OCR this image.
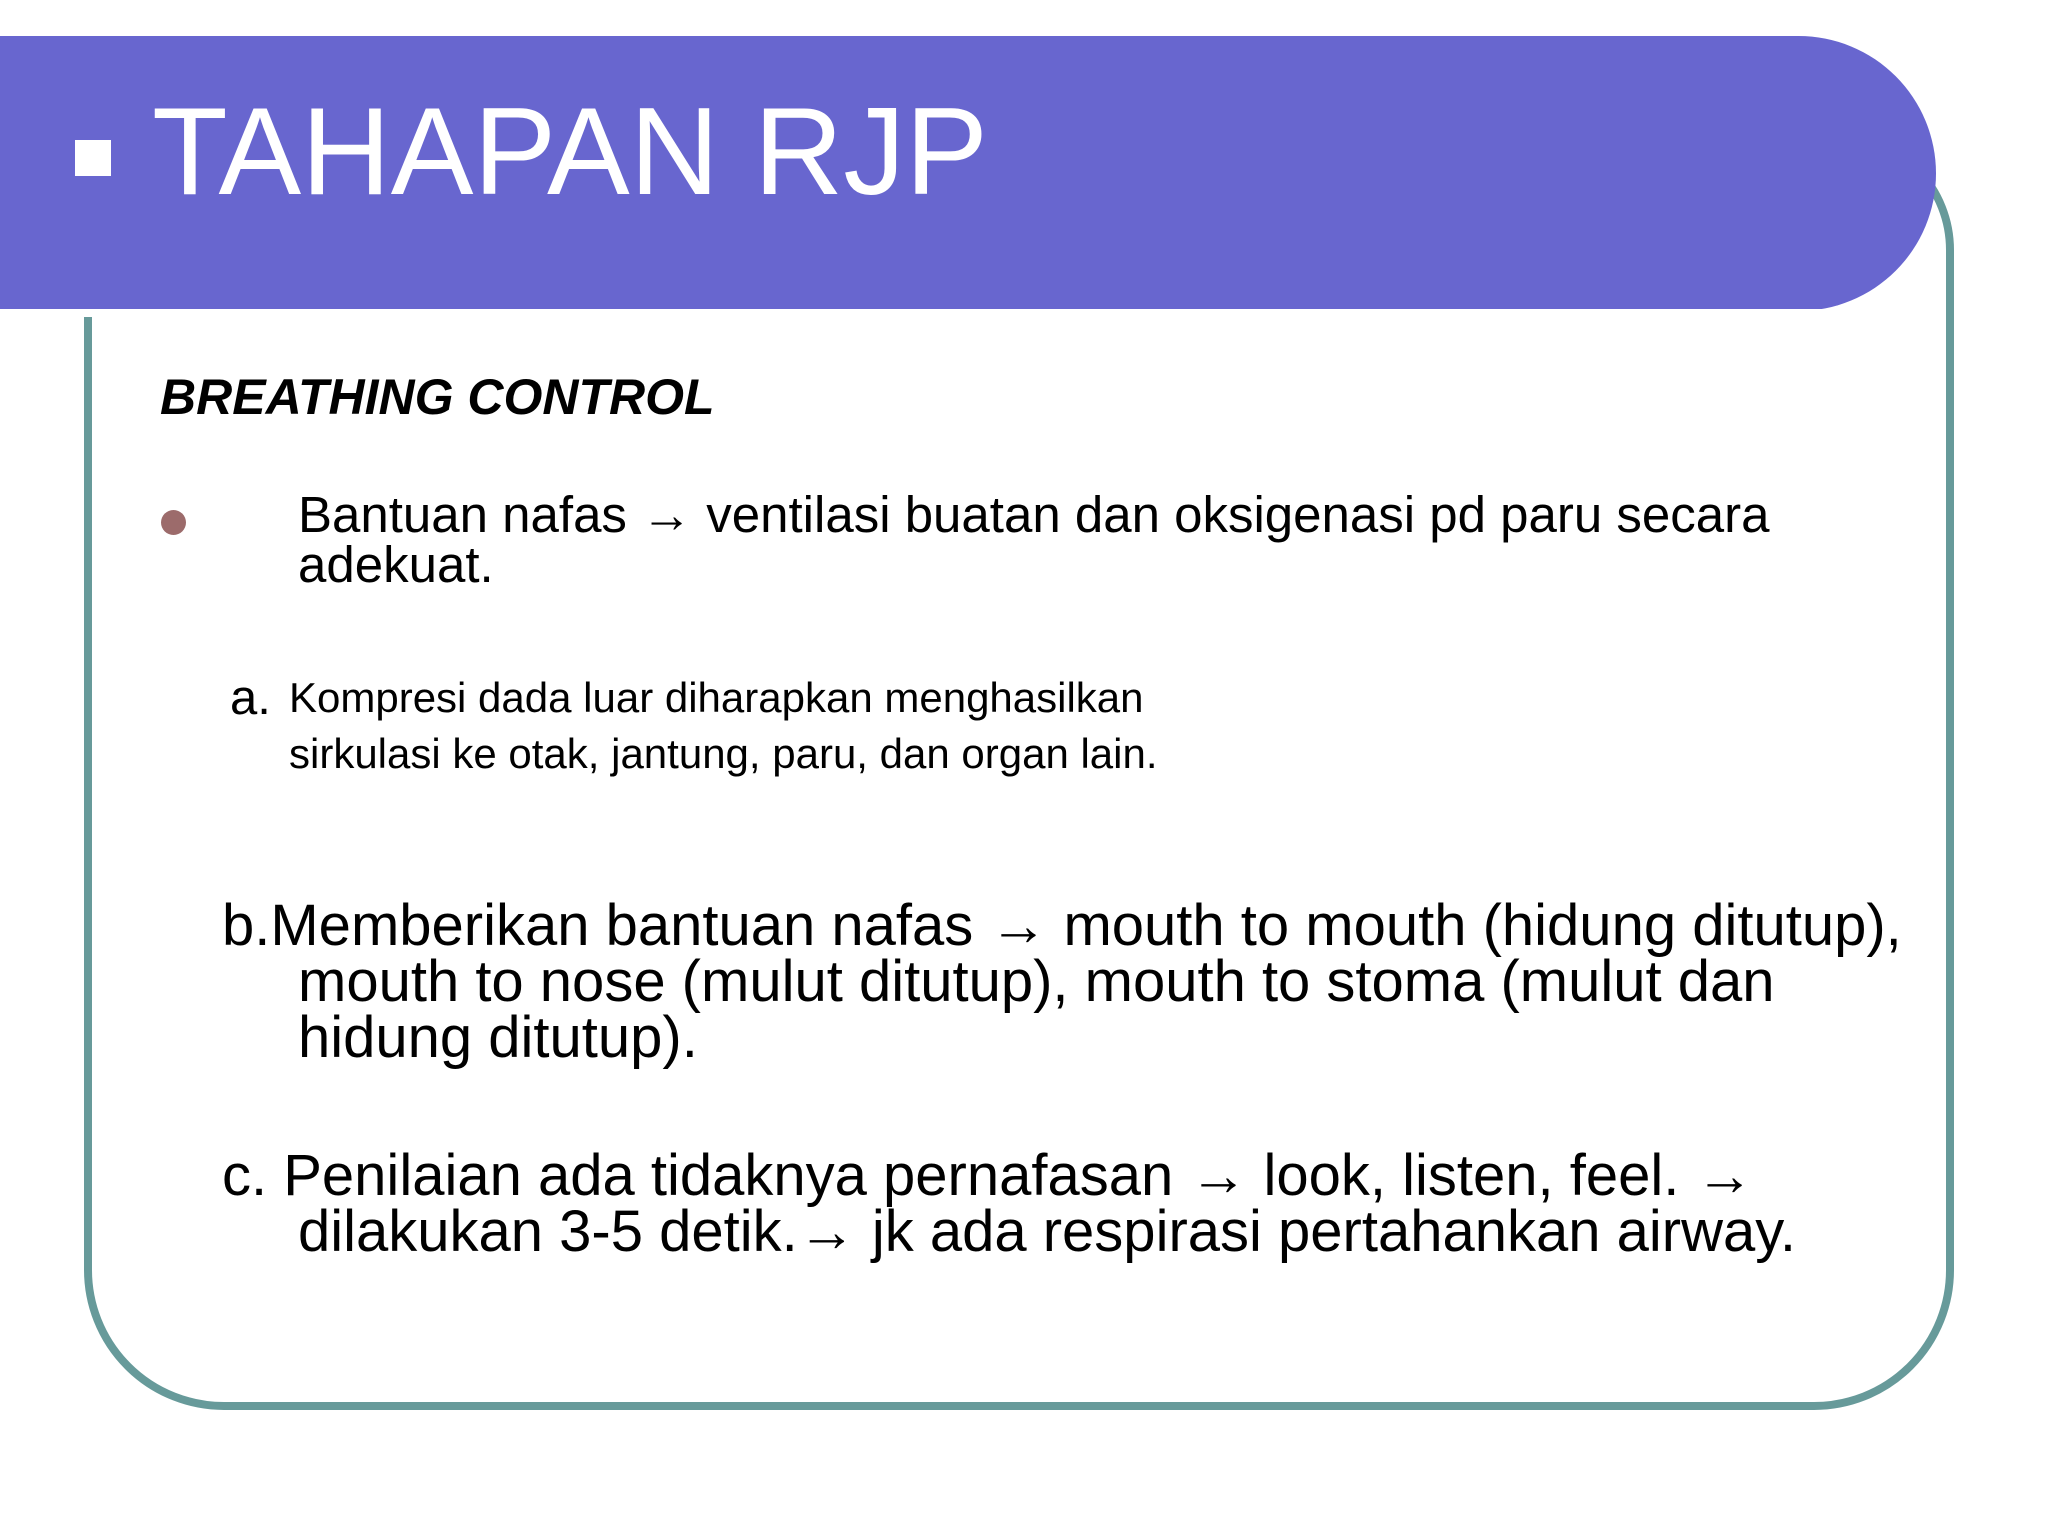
TAHAPAN RJP
BREATHING CONTROL
Bantuan nafas → ventilasi buatan dan oksigenasi pd paru secara adekuat.
a. Kompresi dada luar diharapkan menghasilkan sirkulasi ke otak, jantung, paru, dan organ lain.
b.Memberikan bantuan nafas → mouth to mouth (hidung ditutup), mouth to nose (mulut ditutup), mouth to stoma (mulut dan hidung ditutup).
c. Penilaian ada tidaknya pernafasan → look, listen, feel. → dilakukan 3-5 detik.→ jk ada respirasi pertahankan airway.
